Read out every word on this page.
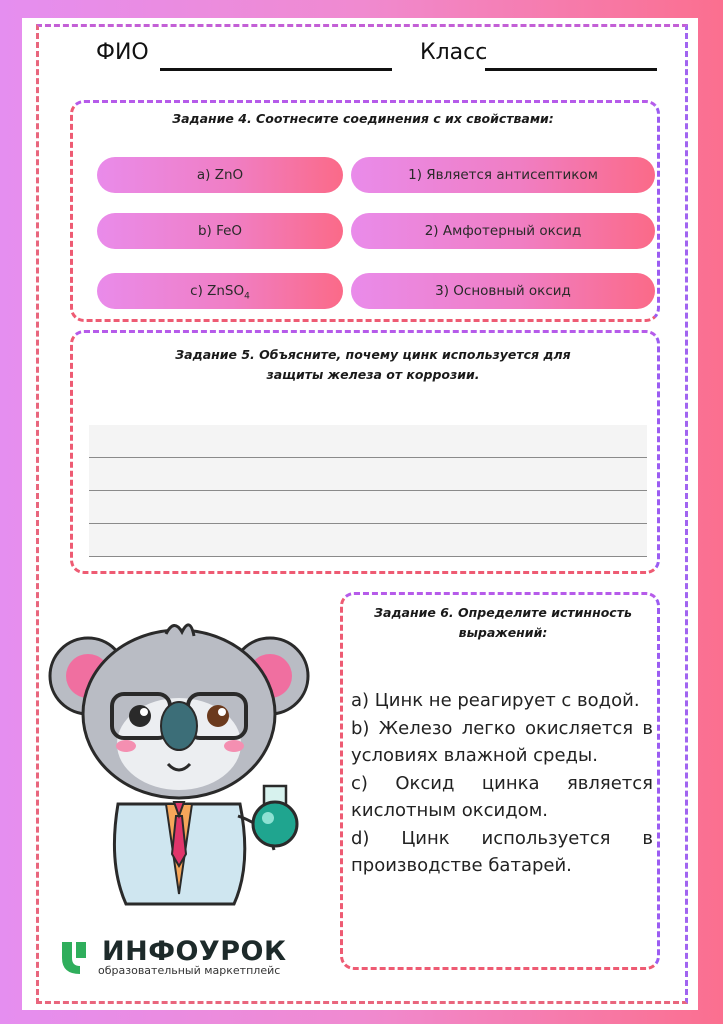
ФИО	Класс
Задание 4. Соотнесите соединения с их свойствами:
a) ZnO	1) Является антисептиком
b) FeO	2) Амфотерный оксид
c) ZnSO$_4$	3) Основный оксид
Задание 5. Объясните, почему цинк используется для
защиты железа от коррозии.
Задание 6. Определите истинность
выражений:
a) Цинк не реагирует с водой.
b) Железо легко окисляется в условиях влажной среды.
c) Оксид цинка является кислотным оксидом.
d) Цинк используется в производстве батарей.
ИНФОУРОК
образовательный маркетплейс
